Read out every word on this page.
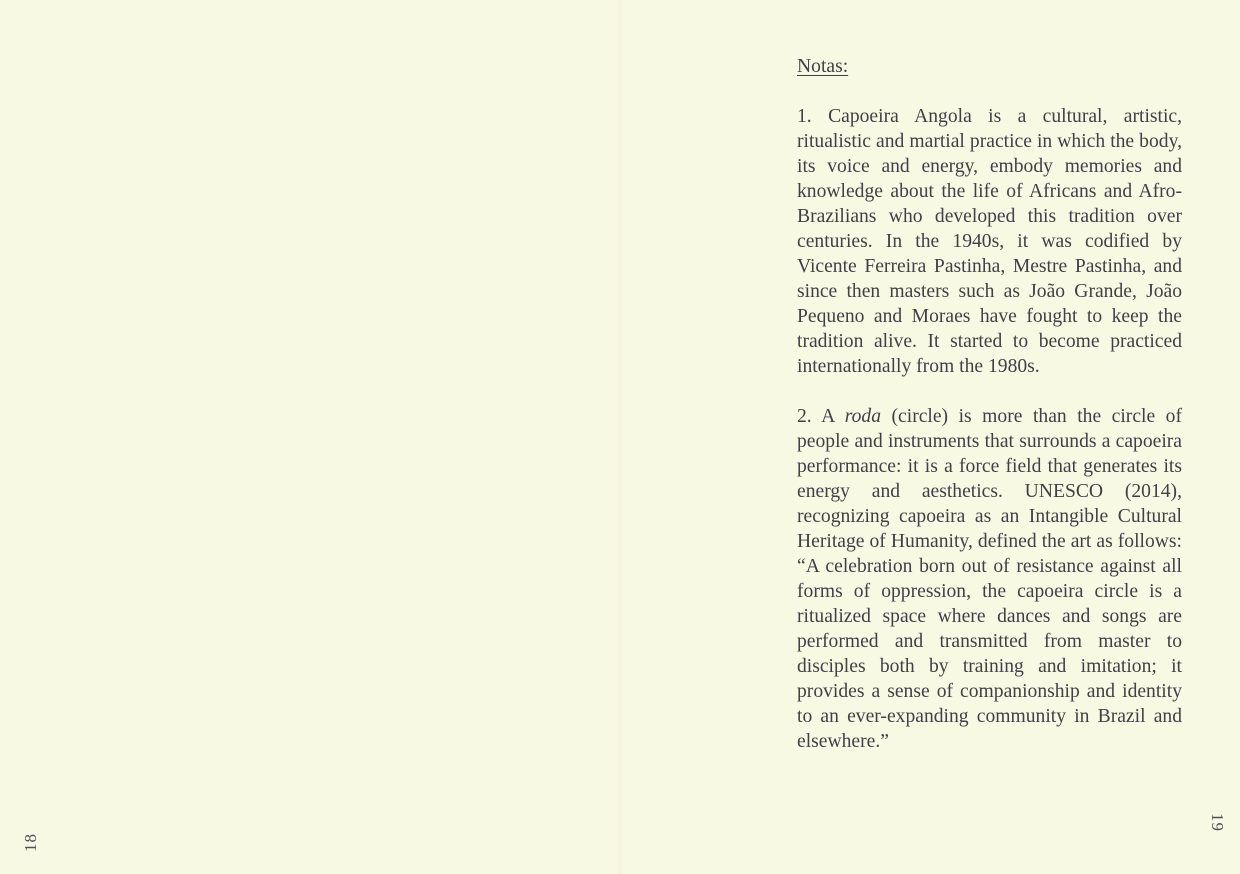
18

Notas:

1. Capoeira Angola is a cultural, artistic, ritualistic and martial practice in which the body, its voice and energy, embody memories and knowledge about the life of Africans and Afro-Brazilians who developed this tradition over centuries. In the 1940s, it was codified by Vicente Ferreira Pastinha, Mestre Pastinha, and since then masters such as João Grande, João Pequeno and Moraes have fought to keep the tradition alive. It started to become practiced internationally from the 1980s.

2. A roda (circle) is more than the circle of people and instruments that surrounds a capoeira performance: it is a force field that generates its energy and aesthetics. UNESCO (2014), recognizing capoeira as an Intangible Cultural Heritage of Humanity, defined the art as follows: “A celebration born out of resistance against all forms of oppression, the capoeira circle is a ritualized space where dances and songs are performed and transmitted from master to disciples both by training and imitation; it provides a sense of companionship and identity to an ever-expanding community in Brazil and elsewhere.”

19
